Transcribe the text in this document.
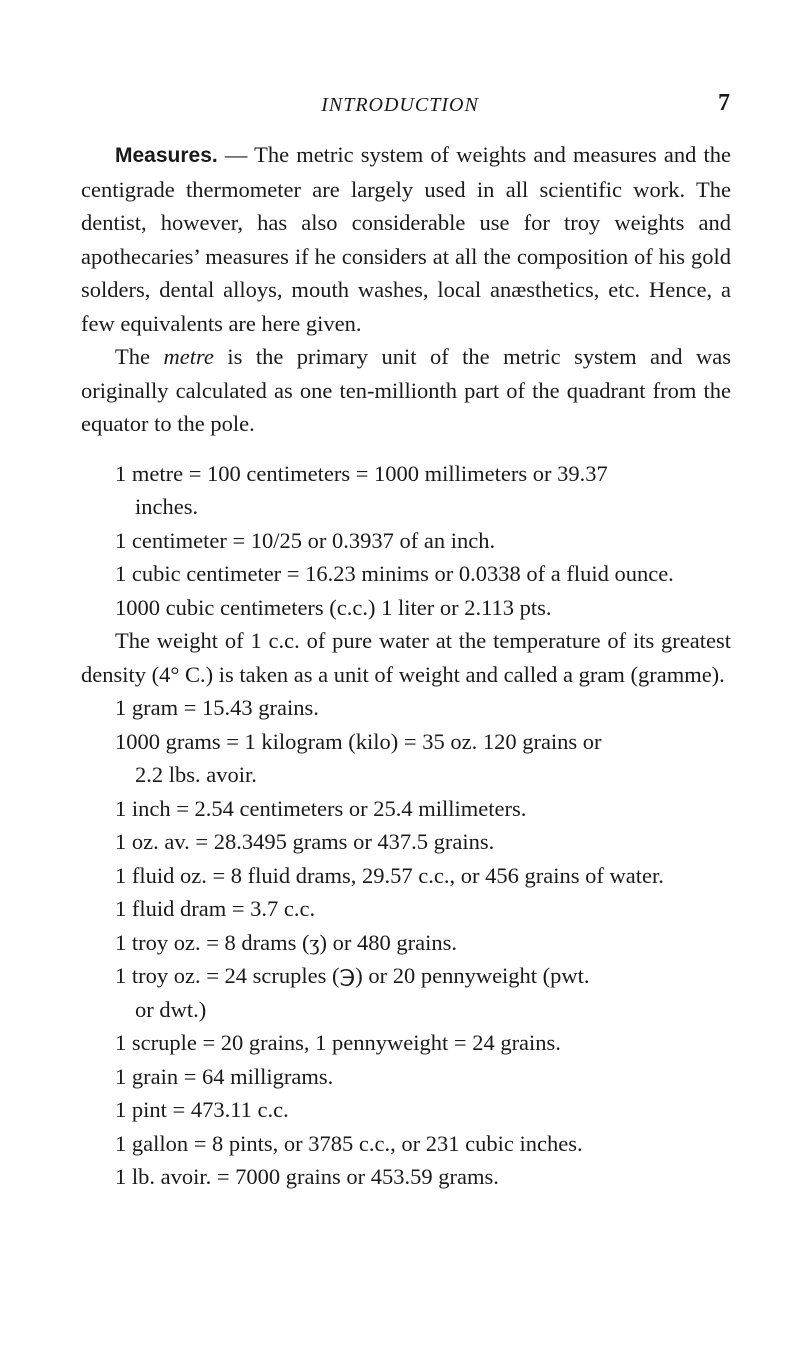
INTRODUCTION	7

Measures. — The metric system of weights and measures and the centigrade thermometer are largely used in all scientific work. The dentist, however, has also considerable use for troy weights and apothecaries’ measures if he considers at all the composition of his gold solders, dental alloys, mouth washes, local anæsthetics, etc. Hence, a few equivalents are here given.

The metre is the primary unit of the metric system and was originally calculated as one ten-millionth part of the quadrant from the equator to the pole.

1 metre = 100 centimeters = 1000 millimeters or 39.37
inches.
1 centimeter = 10/25 or 0.3937 of an inch.
1 cubic centimeter = 16.23 minims or 0.0338 of a fluid ounce.
1000 cubic centimeters (c.c.) 1 liter or 2.113 pts.

The weight of 1 c.c. of pure water at the temperature of its greatest density (4° C.) is taken as a unit of weight and called a gram (gramme).

1 gram = 15.43 grains.
1000 grams = 1 kilogram (kilo) = 35 oz. 120 grains or
2.2 lbs. avoir.
1 inch = 2.54 centimeters or 25.4 millimeters.
1 oz. av. = 28.3495 grams or 437.5 grains.
1 fluid oz. = 8 fluid drams, 29.57 c.c., or 456 grains of water.
1 fluid dram = 3.7 c.c.
1 troy oz. = 8 drams (ʒ) or 480 grains.
1 troy oz. = 24 scruples (℈) or 20 pennyweight (pwt.
or dwt.)
1 scruple = 20 grains, 1 pennyweight = 24 grains.
1 grain = 64 milligrams.
1 pint = 473.11 c.c.
1 gallon = 8 pints, or 3785 c.c., or 231 cubic inches.
1 lb. avoir. = 7000 grains or 453.59 grams.
